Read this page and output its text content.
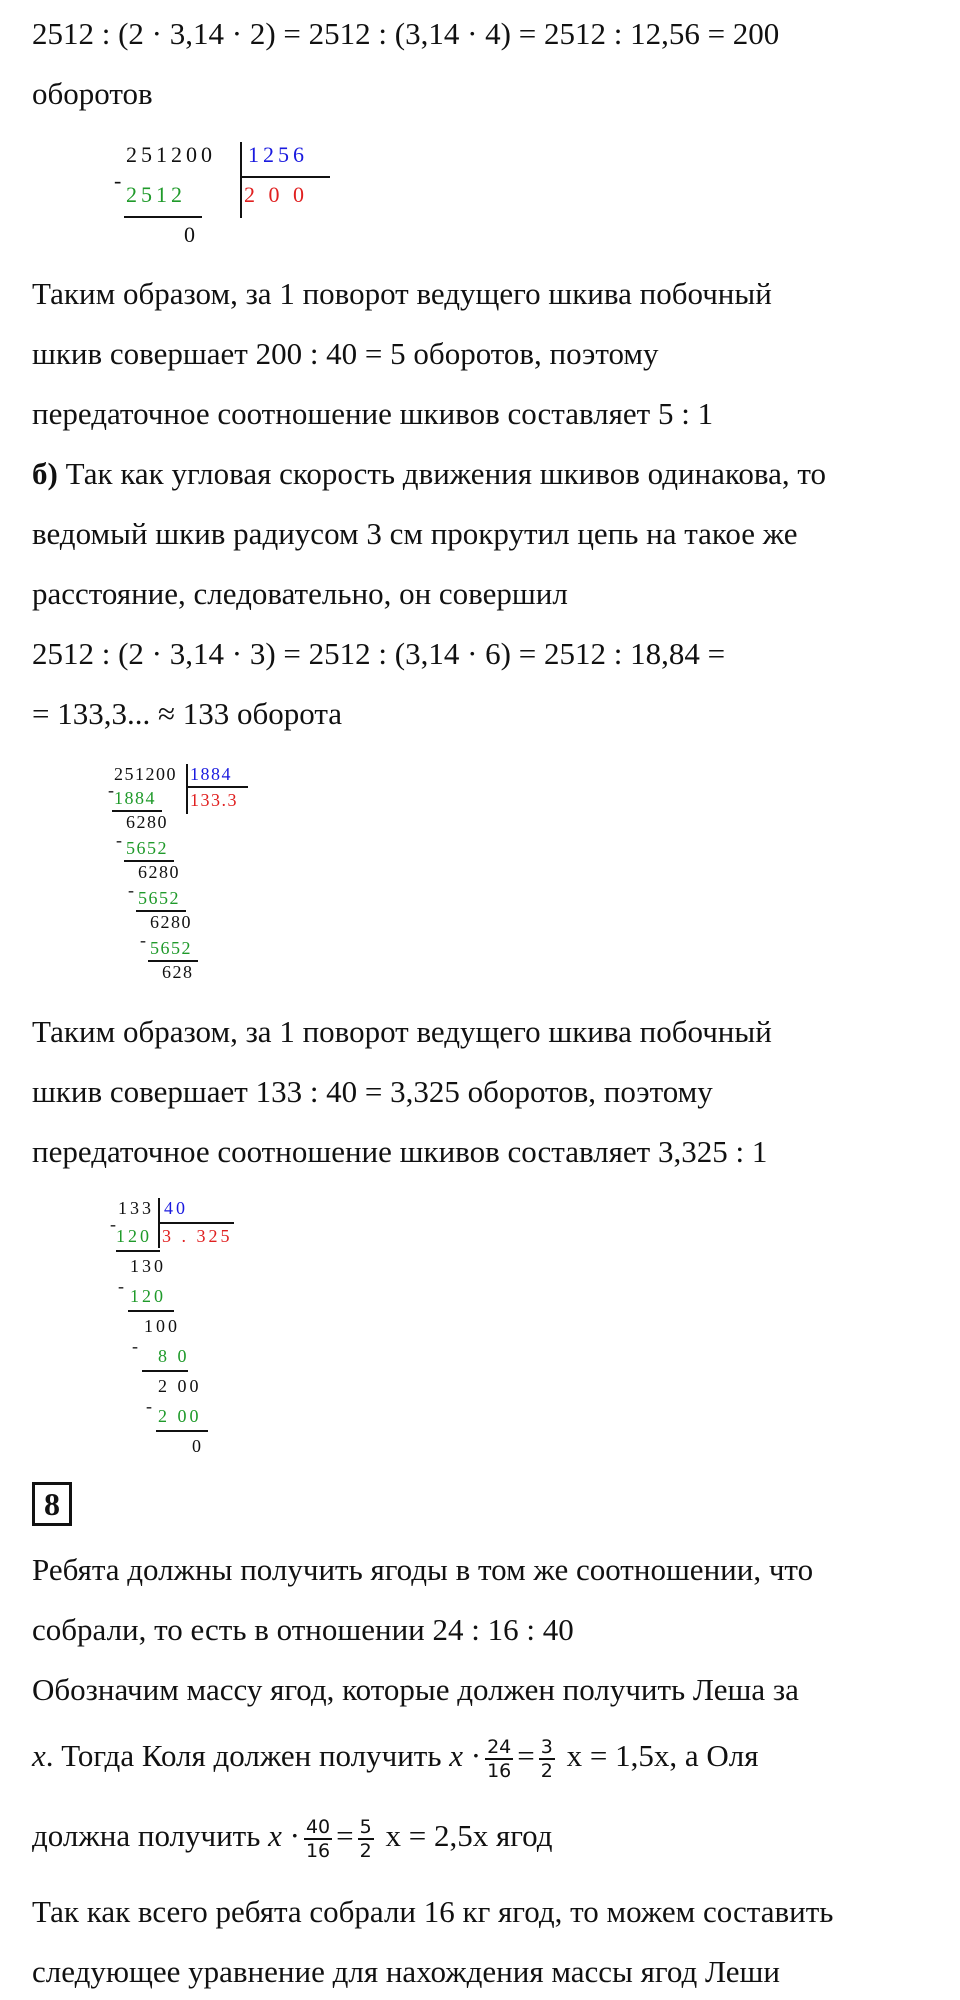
2512 : (2 · 3,14 · 2) = 2512 : (3,14 · 4) = 2512 : 12,56 = 200
оборотов
251200 1256
-
2512	2 0 0
0
Таким образом, за 1 поворот ведущего шкива побочный
шкив совершает 200 : 40 = 5 оборотов, поэтому
передаточное соотношение шкивов составляет 5 : 1
б) Так как угловая скорость движения шкивов одинакова, то
ведомый шкив радиусом 3 см прокрутил цепь на такое же
расстояние, следовательно, он совершил
2512 : (2 · 3,14 · 3) = 2512 : (3,14 · 6) = 2512 : 18,84 =
= 133,3... ≈ 133 оборота
251200 1884
-
1884 133.3
6280
- 5652
6280
- 5652
6280
- 5652
628
Таким образом, за 1 поворот ведущего шкива побочный
шкив совершает 133 : 40 = 3,325 оборотов, поэтому
передаточное соотношение шкивов составляет 3,325 : 1
133 40
-
120 3 . 325
130
- 120
100
- 8 0
2 00
- 2 00
0
8
Ребята должны получить ягоды в том же соотношении, что
собрали, то есть в отношении 24 : 16 : 40
Обозначим массу ягод, которые должен получить Леша за
x. Тогда Коля должен получить $x \cdot \frac{24}{16} = \frac{3}{2}$ x = 1,5x, а Оля
должна получить $x \cdot \frac{40}{16} = \frac{5}{2}$ x = 2,5x ягод
Так как всего ребята собрали 16 кг ягод, то можем составить
следующее уравнение для нахождения массы ягод Леши
